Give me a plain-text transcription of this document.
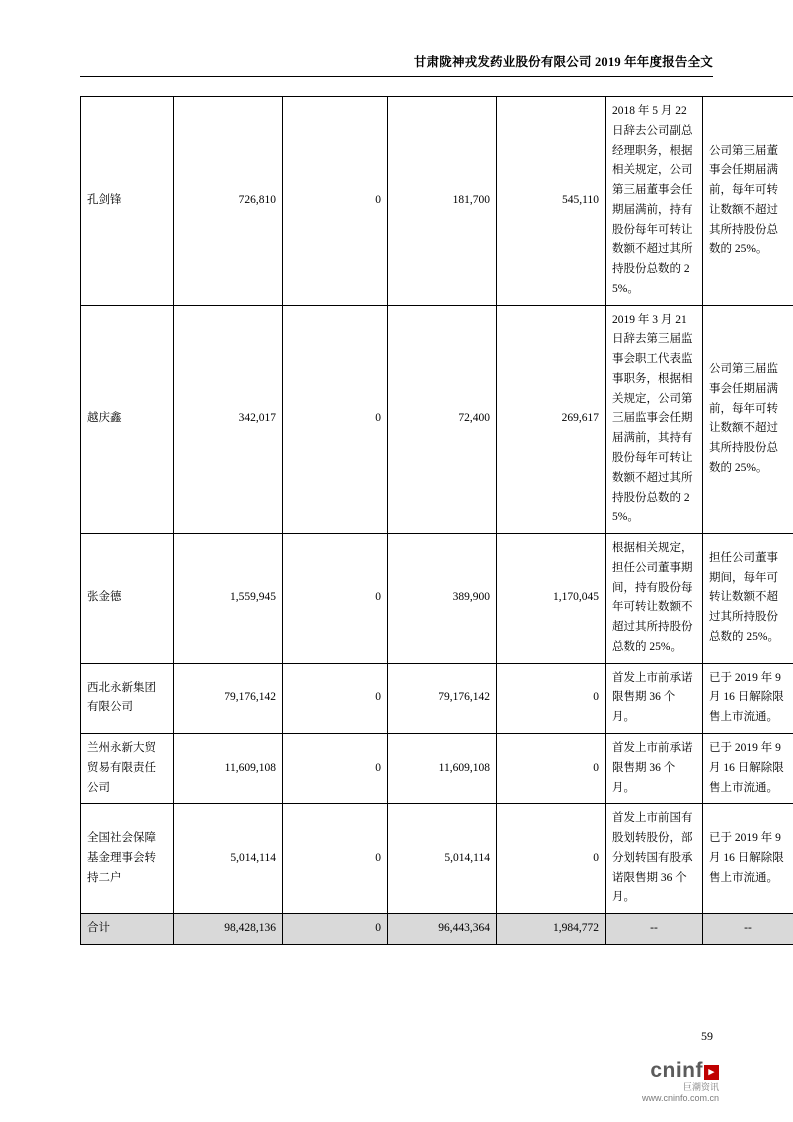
甘肃陇神戎发药业股份有限公司 2019 年年度报告全文
孔剑锋	726,810	0	181,700	545,110	2018 年 5 月 22 日辞去公司副总经理职务，根据相关规定，公司第三届董事会任期届满前，持有股份每年可转让数额不超过其所持股份总数的 25%。	公司第三届董事会任期届满前，每年可转让数额不超过其所持股份总数的 25%。
越庆鑫	342,017	0	72,400	269,617	2019 年 3 月 21 日辞去第三届监事会职工代表监事职务，根据相关规定，公司第三届监事会任期届满前，其持有股份每年可转让数额不超过其所持股份总数的 25%。	公司第三届监事会任期届满前，每年可转让数额不超过其所持股份总数的 25%。
张金德	1,559,945	0	389,900	1,170,045	根据相关规定，担任公司董事期间，持有股份每年可转让数额不超过其所持股份总数的 25%。	担任公司董事期间，每年可转让数额不超过其所持股份总数的 25%。
西北永新集团有限公司	79,176,142	0	79,176,142	0	首发上市前承诺限售期 36 个月。	已于 2019 年 9 月 16 日解除限售上市流通。
兰州永新大贸贸易有限责任公司	11,609,108	0	11,609,108	0	首发上市前承诺限售期 36 个月。	已于 2019 年 9 月 16 日解除限售上市流通。
全国社会保障基金理事会转持二户	5,014,114	0	5,014,114	0	首发上市前国有股划转股份，部分划转国有股承诺限售期 36 个月。	已于 2019 年 9 月 16 日解除限售上市流通。
合计	98,428,136	0	96,443,364	1,984,772	--	--
59
cninf ▸
巨潮资讯
www.cninfo.com.cn
